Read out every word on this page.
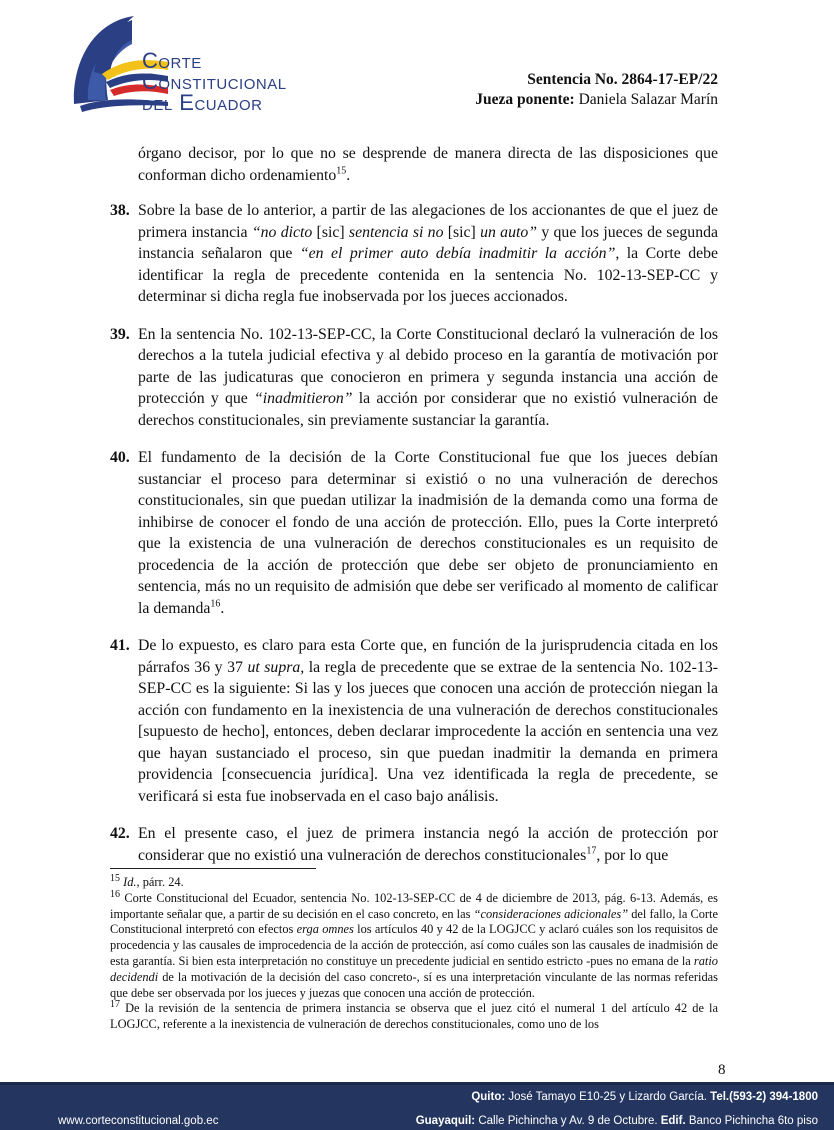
Corte
Constitucional
del Ecuador
Sentencia No. 2864-17-EP/22
Jueza ponente: Daniela Salazar Marín

órgano decisor, por lo que no se desprende de manera directa de las disposiciones que conforman dicho ordenamiento$^{15}$.

38. Sobre la base de lo anterior, a partir de las alegaciones de los accionantes de que el juez de primera instancia “no dicto [sic] sentencia si no [sic] un auto” y que los jueces de segunda instancia señalaron que “en el primer auto debía inadmitir la acción”, la Corte debe identificar la regla de precedente contenida en la sentencia No. 102-13-SEP-CC y determinar si dicha regla fue inobservada por los jueces accionados.

39. En la sentencia No. 102-13-SEP-CC, la Corte Constitucional declaró la vulneración de los derechos a la tutela judicial efectiva y al debido proceso en la garantía de motivación por parte de las judicaturas que conocieron en primera y segunda instancia una acción de protección y que “inadmitieron” la acción por considerar que no existió vulneración de derechos constitucionales, sin previamente sustanciar la garantía.

40. El fundamento de la decisión de la Corte Constitucional fue que los jueces debían sustanciar el proceso para determinar si existió o no una vulneración de derechos constitucionales, sin que puedan utilizar la inadmisión de la demanda como una forma de inhibirse de conocer el fondo de una acción de protección. Ello, pues la Corte interpretó que la existencia de una vulneración de derechos constitucionales es un requisito de procedencia de la acción de protección que debe ser objeto de pronunciamiento en sentencia, más no un requisito de admisión que debe ser verificado al momento de calificar la demanda$^{16}$.

41. De lo expuesto, es claro para esta Corte que, en función de la jurisprudencia citada en los párrafos 36 y 37 ut supra, la regla de precedente que se extrae de la sentencia No. 102-13-SEP-CC es la siguiente: Si las y los jueces que conocen una acción de protección niegan la acción con fundamento en la inexistencia de una vulneración de derechos constitucionales [supuesto de hecho], entonces, deben declarar improcedente la acción en sentencia una vez que hayan sustanciado el proceso, sin que puedan inadmitir la demanda en primera providencia [consecuencia jurídica]. Una vez identificada la regla de precedente, se verificará si esta fue inobservada en el caso bajo análisis.

42. En el presente caso, el juez de primera instancia negó la acción de protección por considerar que no existió una vulneración de derechos constitucionales$^{17}$, por lo que

$^{15}$ Id., párr. 24.

$^{16}$ Corte Constitucional del Ecuador, sentencia No. 102-13-SEP-CC de 4 de diciembre de 2013, pág. 6-13. Además, es importante señalar que, a partir de su decisión en el caso concreto, en las “consideraciones adicionales” del fallo, la Corte Constitucional interpretó con efectos erga omnes los artículos 40 y 42 de la LOGJCC y aclaró cuáles son los requisitos de procedencia y las causales de improcedencia de la acción de protección, así como cuáles son las causales de inadmisión de esta garantía. Si bien esta interpretación no constituye un precedente judicial en sentido estricto -pues no emana de la ratio decidendi de la motivación de la decisión del caso concreto-, sí es una interpretación vinculante de las normas referidas que debe ser observada por los jueces y juezas que conocen una acción de protección.

$^{17}$ De la revisión de la sentencia de primera instancia se observa que el juez citó el numeral 1 del artículo 42 de la LOGJCC, referente a la inexistencia de vulneración de derechos constitucionales, como uno de los

8
Quito: José Tamayo E10-25 y Lizardo García. Tel.(593-2) 394-1800
www.corteconstitucional.gob.ec	Guayaquil: Calle Pichincha y Av. 9 de Octubre. Edif. Banco Pichincha 6to piso
